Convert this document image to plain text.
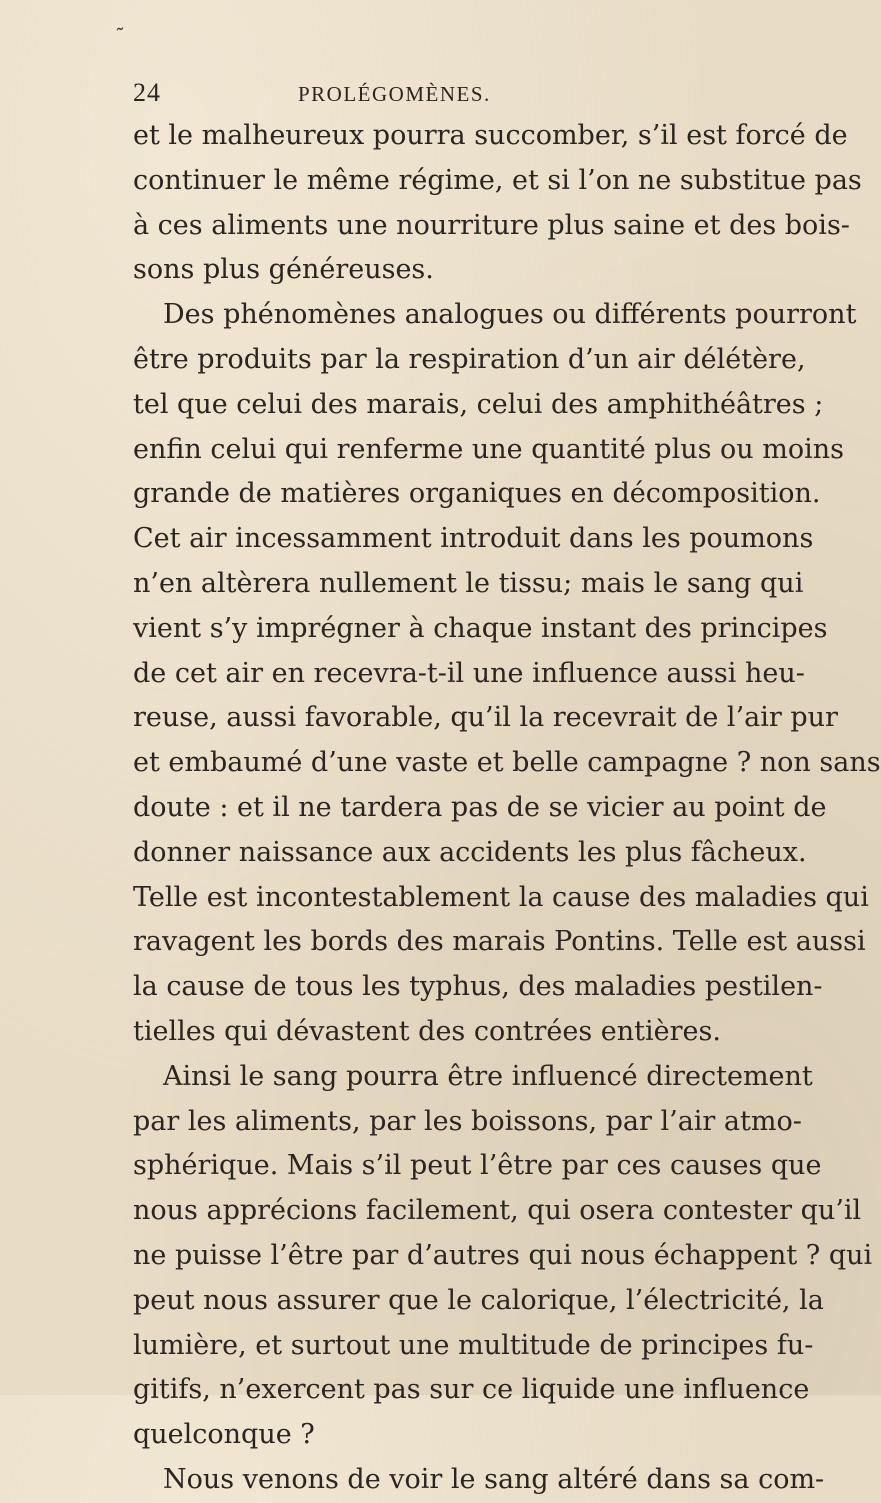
24	PROLÉGOMÈNES.
et le malheureux pourra succomber, s’il est forcé de
continuer le même régime, et si l’on ne substitue pas
à ces aliments une nourriture plus saine et des bois-
sons plus généreuses.
Des phénomènes analogues ou différents pourront
être produits par la respiration d’un air délétère,
tel que celui des marais, celui des amphithéâtres ;
enfin celui qui renferme une quantité plus ou moins
grande de matières organiques en décomposition.
Cet air incessamment introduit dans les poumons
n’en altèrera nullement le tissu; mais le sang qui
vient s’y imprégner à chaque instant des principes
de cet air en recevra-t-il une influence aussi heu-
reuse, aussi favorable, qu’il la recevrait de l’air pur
et embaumé d’une vaste et belle campagne ? non sans
doute : et il ne tardera pas de se vicier au point de
donner naissance aux accidents les plus fâcheux.
Telle est incontestablement la cause des maladies qui
ravagent les bords des marais Pontins. Telle est aussi
la cause de tous les typhus, des maladies pestilen-
tielles qui dévastent des contrées entières.
Ainsi le sang pourra être influencé directement
par les aliments, par les boissons, par l’air atmo-
sphérique. Mais s’il peut l’être par ces causes que
nous apprécions facilement, qui osera contester qu’il
ne puisse l’être par d’autres qui nous échappent ? qui
peut nous assurer que le calorique, l’électricité, la
lumière, et surtout une multitude de principes fu-
gitifs, n’exercent pas sur ce liquide une influence
quelconque ?
Nous venons de voir le sang altéré dans sa com-
˜
